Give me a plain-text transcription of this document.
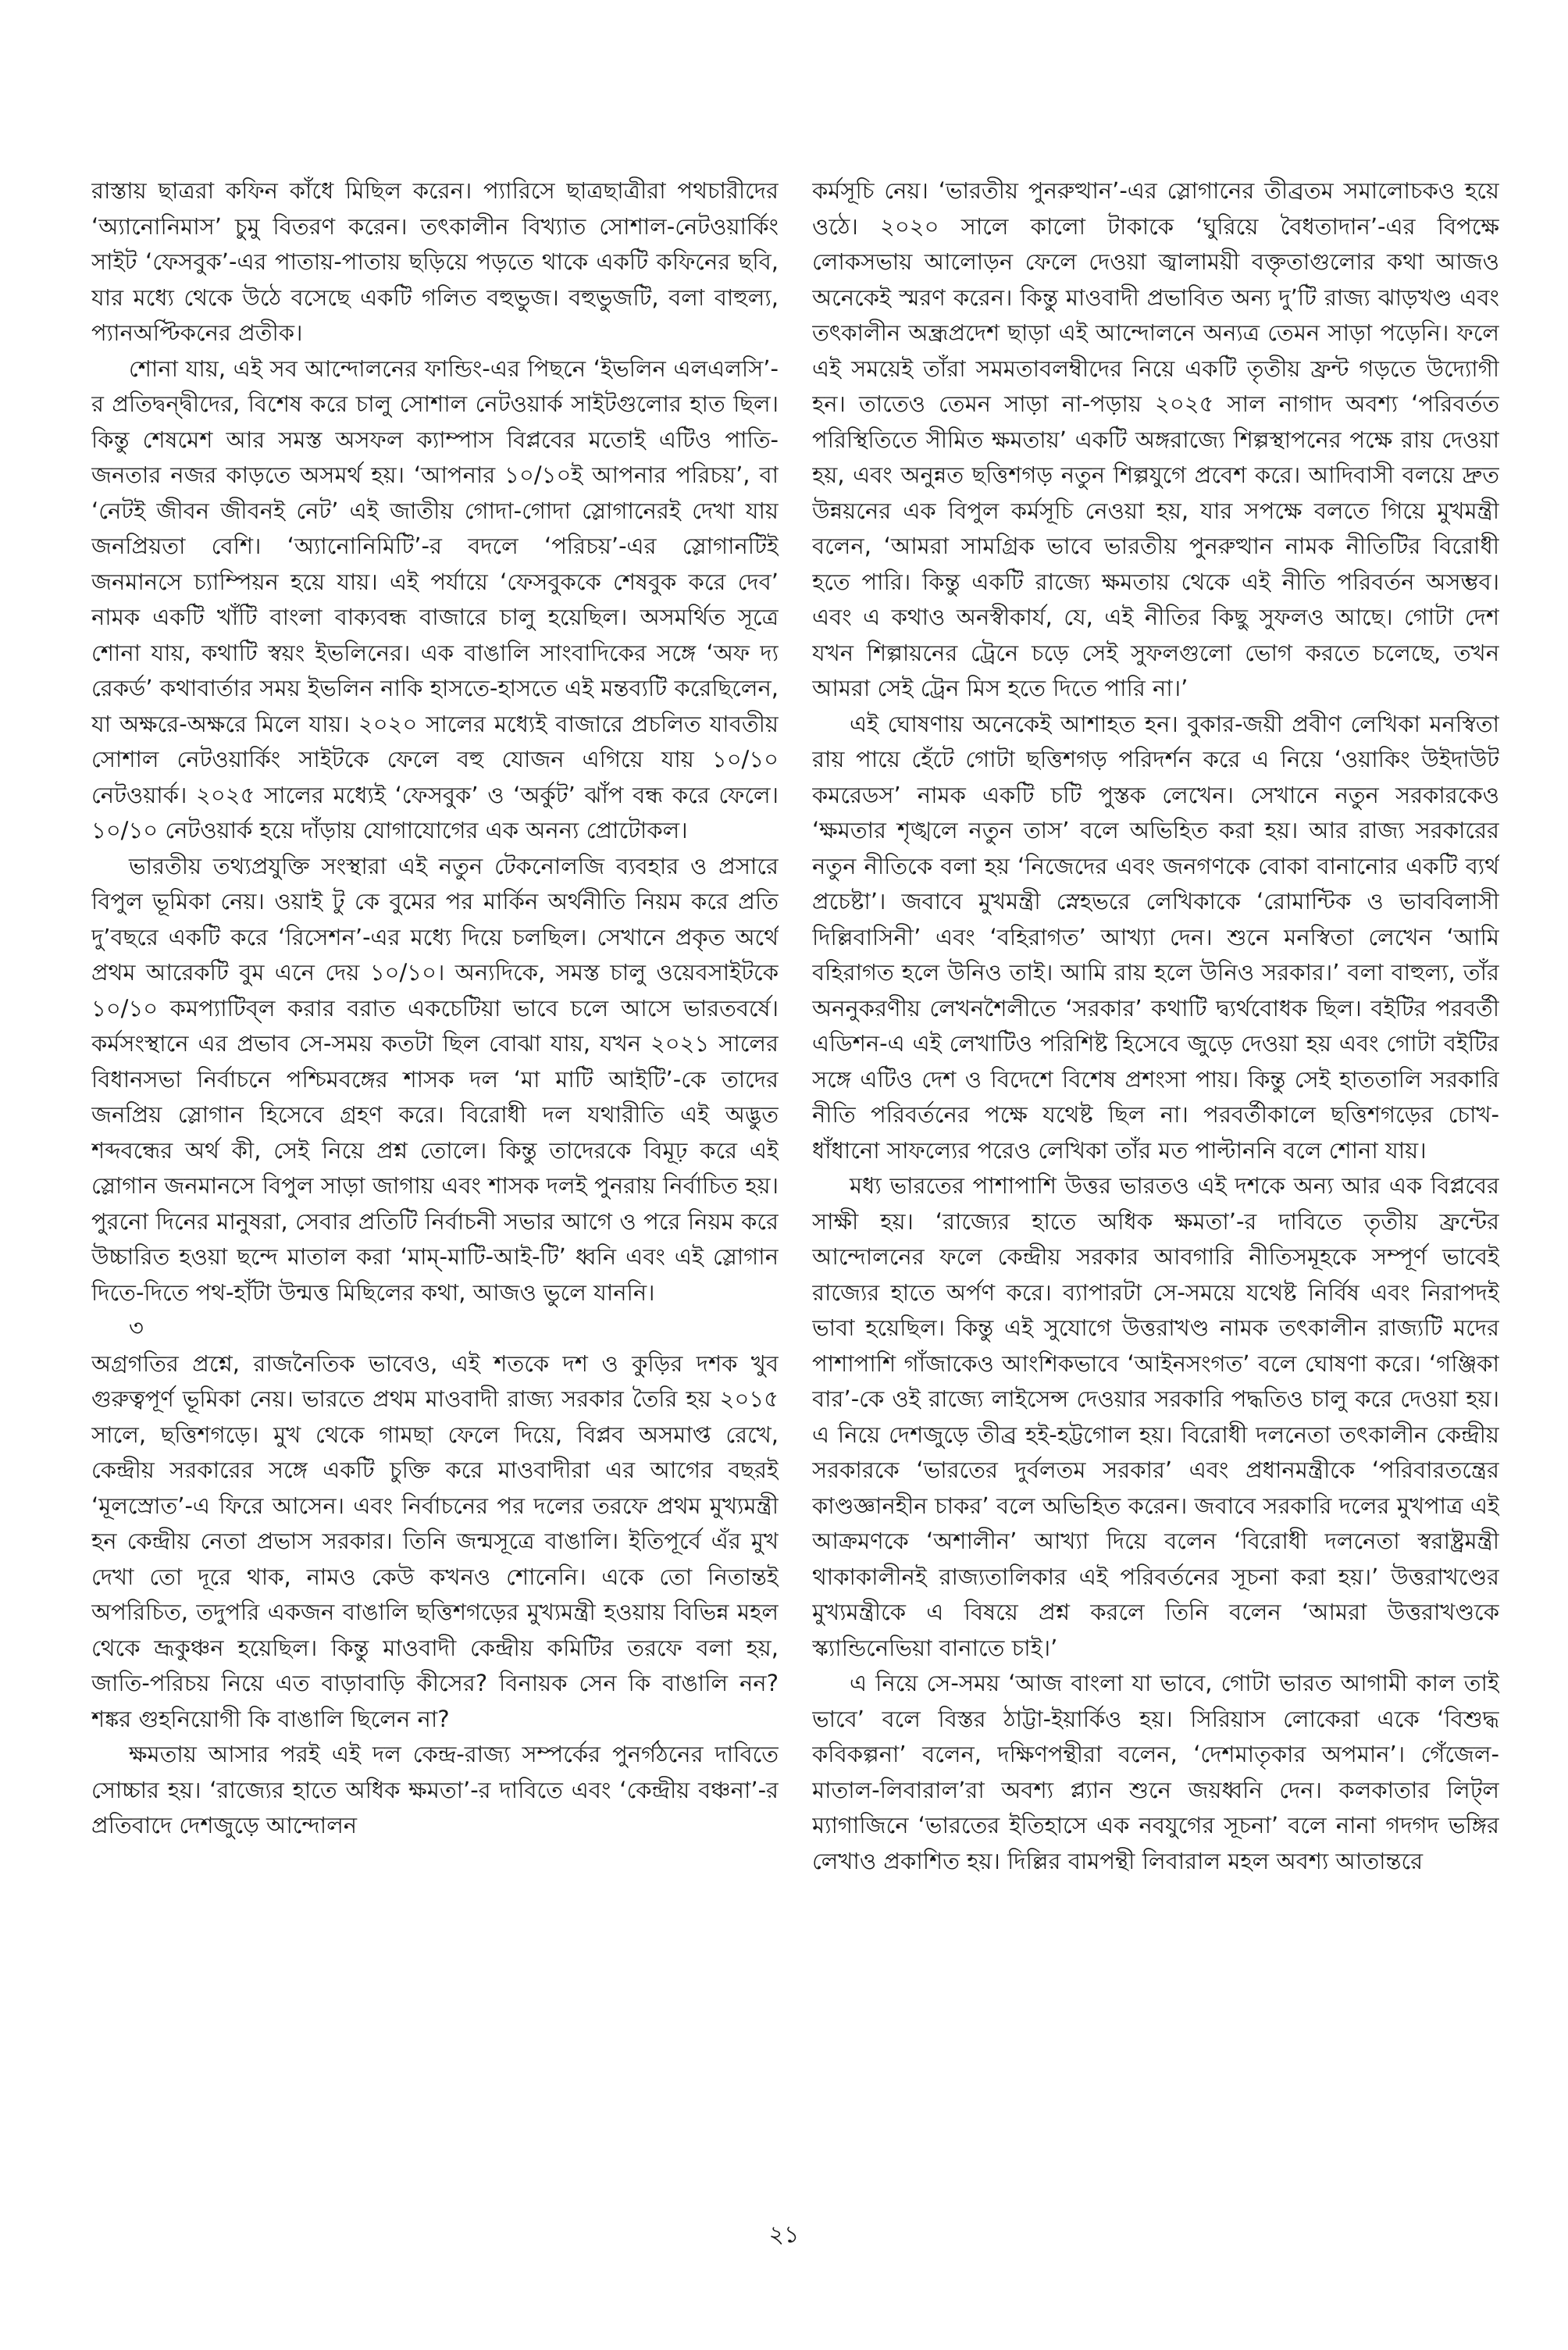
রাস্তায় ছাত্ররা কফিন কাঁধে মিছিল করেন। প্যারিসে ছাত্রছাত্রীরা পথচারীদের ‘অ্যানোনিমাস’ চুমু বিতরণ করেন। তৎকালীন বিখ্যাত সোশাল-নেটওয়ার্কিং সাইট ‘ফেসবুক’-এর পাতায়-পাতায় ছড়িয়ে পড়তে থাকে একটি কফিনের ছবি, যার মধ্যে থেকে উঠে বসেছে একটি গলিত বহুভুজ। বহুভুজটি, বলা বাহুল্য, প্যানঅপ্টিকনের প্রতীক।

শোনা যায়, এই সব আন্দোলনের ফান্ডিং-এর পিছনে ‘ইভলিন এলএলসি’-র প্রতিদ্বন্দ্বীদের, বিশেষ করে চালু সোশাল নেটওয়ার্ক সাইটগুলোর হাত ছিল। কিন্তু শেষমেশ আর সমস্ত অসফল ক্যাম্পাস বিপ্লবের মতোই এটিও পাতি-জনতার নজর কাড়তে অসমর্থ হয়। ‘আপনার ১০/১০ই আপনার পরিচয়’, বা ‘নেটই জীবন জীবনই নেট’ এই জাতীয় গোদা-গোদা স্লোগানেরই দেখা যায় জনপ্রিয়তা বেশি। ‘অ্যানোনিমিটি’-র বদলে ‘পরিচয়’-এর স্লোগানটিই জনমানসে চ্যাম্পিয়ন হয়ে যায়। এই পর্যায়ে ‘ফেসবুককে শেষবুক করে দেব’ নামক একটি খাঁটি বাংলা বাক্যবন্ধ বাজারে চালু হয়েছিল। অসমর্থিত সূত্রে শোনা যায়, কথাটি স্বয়ং ইভলিনের। এক বাঙালি সাংবাদিকের সঙ্গে ‘অফ দ্য রেকর্ড’ কথাবার্তার সময় ইভলিন নাকি হাসতে-হাসতে এই মন্তব্যটি করেছিলেন, যা অক্ষরে-অক্ষরে মিলে যায়। ২০২০ সালের মধ্যেই বাজারে প্রচলিত যাবতীয় সোশাল নেটওয়ার্কিং সাইটকে ফেলে বহু যোজন এগিয়ে যায় ১০/১০ নেটওয়ার্ক। ২০২৫ সালের মধ্যেই ‘ফেসবুক’ ও ‘অর্কুট’ ঝাঁপ বন্ধ করে ফেলে। ১০/১০ নেটওয়ার্ক হয়ে দাঁড়ায় যোগাযোগের এক অনন্য প্রোটোকল।

ভারতীয় তথ্যপ্রযুক্তি সংস্থারা এই নতুন টেকনোলজি ব্যবহার ও প্রসারে বিপুল ভূমিকা নেয়। ওয়াই টু কে বুমের পর মার্কিন অর্থনীতি নিয়ম করে প্রতি দু’বছরে একটি করে ‘রিসেশন’-এর মধ্যে দিয়ে চলছিল। সেখানে প্রকৃত অর্থে প্রথম আরেকটি বুম এনে দেয় ১০/১০। অন্যদিকে, সমস্ত চালু ওয়েবসাইটকে ১০/১০ কমপ্যাটিব্‌ল করার বরাত একচেটিয়া ভাবে চলে আসে ভারতবর্ষে। কর্মসংস্থানে এর প্রভাব সে-সময় কতটা ছিল বোঝা যায়, যখন ২০২১ সালের বিধানসভা নির্বাচনে পশ্চিমবঙ্গের শাসক দল ‘মা মাটি আইটি’-কে তাদের জনপ্রিয় স্লোগান হিসেবে গ্রহণ করে। বিরোধী দল যথারীতি এই অদ্ভুত শব্দবন্ধের অর্থ কী, সেই নিয়ে প্রশ্ন তোলে। কিন্তু তাদেরকে বিমূঢ় করে এই স্লোগান জনমানসে বিপুল সাড়া জাগায় এবং শাসক দলই পুনরায় নির্বাচিত হয়। পুরনো দিনের মানুষরা, সেবার প্রতিটি নির্বাচনী সভার আগে ও পরে নিয়ম করে উচ্চারিত হওয়া ছন্দে মাতাল করা ‘মাম্‌-মাটি-আই-টি’ ধ্বনি এবং এই স্লোগান দিতে-দিতে পথ-হাঁটা উন্মত্ত মিছিলের কথা, আজও ভুলে যাননি।

৩

অগ্রগতির প্রশ্নে, রাজনৈতিক ভাবেও, এই শতকে দশ ও কুড়ির দশক খুব গুরুত্বপূর্ণ ভূমিকা নেয়। ভারতে প্রথম মাওবাদী রাজ্য সরকার তৈরি হয় ২০১৫ সালে, ছত্তিশগড়ে। মুখ থেকে গামছা ফেলে দিয়ে, বিপ্লব অসমাপ্ত রেখে, কেন্দ্রীয় সরকারের সঙ্গে একটি চুক্তি করে মাওবাদীরা এর আগের বছরই ‘মূলস্রোত’-এ ফিরে আসেন। এবং নির্বাচনের পর দলের তরফে প্রথম মুখ্যমন্ত্রী হন কেন্দ্রীয় নেতা প্রভাস সরকার। তিনি জন্মসূত্রে বাঙালি। ইতিপূর্বে এঁর মুখ দেখা তো দূরে থাক, নামও কেউ কখনও শোনেনি। একে তো নিতান্তই অপরিচিত, তদুপরি একজন বাঙালি ছত্তিশগড়ের মুখ্যমন্ত্রী হওয়ায় বিভিন্ন মহল থেকে ভ্রূকুঞ্চন হয়েছিল। কিন্তু মাওবাদী কেন্দ্রীয় কমিটির তরফে বলা হয়, জাতি-পরিচয় নিয়ে এত বাড়াবাড়ি কীসের? বিনায়ক সেন কি বাঙালি নন? শঙ্কর গুহনিয়োগী কি বাঙালি ছিলেন না?

ক্ষমতায় আসার পরই এই দল কেন্দ্র-রাজ্য সম্পর্কের পুনর্গঠনের দাবিতে সোচ্চার হয়। ‘রাজ্যের হাতে অধিক ক্ষমতা’-র দাবিতে এবং ‘কেন্দ্রীয় বঞ্চনা’-র প্রতিবাদে দেশজুড়ে আন্দোলন

কর্মসূচি নেয়। ‘ভারতীয় পুনরুত্থান’-এর স্লোগানের তীব্রতম সমালোচকও হয়ে ওঠে। ২০২০ সালে কালো টাকাকে ‘ঘুরিয়ে বৈধতাদান’-এর বিপক্ষে লোকসভায় আলোড়ন ফেলে দেওয়া জ্বালাময়ী বক্তৃতাগুলোর কথা আজও অনেকেই স্মরণ করেন। কিন্তু মাওবাদী প্রভাবিত অন্য দু’টি রাজ্য ঝাড়খণ্ড এবং তৎকালীন অন্ধ্রপ্রদেশ ছাড়া এই আন্দোলনে অন্যত্র তেমন সাড়া পড়েনি। ফলে এই সময়েই তাঁরা সমমতাবলম্বীদের নিয়ে একটি তৃতীয় ফ্রন্ট গড়তে উদ্যোগী হন। তাতেও তেমন সাড়া না-পড়ায় ২০২৫ সাল নাগাদ অবশ্য ‘পরিবর্তত পরিস্থিতিতে সীমিত ক্ষমতায়’ একটি অঙ্গরাজ্যে শিল্পস্থাপনের পক্ষে রায় দেওয়া হয়, এবং অনুন্নত ছত্তিশগড় নতুন শিল্পযুগে প্রবেশ করে। আদিবাসী বলয়ে দ্রুত উন্নয়নের এক বিপুল কর্মসূচি নেওয়া হয়, যার সপক্ষে বলতে গিয়ে মুখমন্ত্রী বলেন, ‘আমরা সামগ্রিক ভাবে ভারতীয় পুনরুত্থান নামক নীতিটির বিরোধী হতে পারি। কিন্তু একটি রাজ্যে ক্ষমতায় থেকে এই নীতি পরিবর্তন অসম্ভব। এবং এ কথাও অনস্বীকার্য, যে, এই নীতির কিছু সুফলও আছে। গোটা দেশ যখন শিল্পায়নের ট্রেনে চড়ে সেই সুফলগুলো ভোগ করতে চলেছে, তখন আমরা সেই ট্রেন মিস হতে দিতে পারি না।’

এই ঘোষণায় অনেকেই আশাহত হন। বুকার-জয়ী প্রবীণ লেখিকা মনস্বিতা রায় পায়ে হেঁটে গোটা ছত্তিশগড় পরিদর্শন করে এ নিয়ে ‘ওয়াকিং উইদাউট কমরেডস’ নামক একটি চটি পুস্তক লেখেন। সেখানে নতুন সরকারকেও ‘ক্ষমতার শৃঙ্খলে নতুন তাস’ বলে অভিহিত করা হয়। আর রাজ্য সরকারের নতুন নীতিকে বলা হয় ‘নিজেদের এবং জনগণকে বোকা বানানোর একটি ব্যর্থ প্রচেষ্টা’। জবাবে মুখমন্ত্রী স্নেহভরে লেখিকাকে ‘রোমান্টিক ও ভাববিলাসী দিল্লিবাসিনী’ এবং ‘বহিরাগত’ আখ্যা দেন। শুনে মনস্বিতা লেখেন ‘আমি বহিরাগত হলে উনিও তাই। আমি রায় হলে উনিও সরকার।’ বলা বাহুল্য, তাঁর অননুকরণীয় লেখনশৈলীতে ‘সরকার’ কথাটি দ্ব্যর্থবোধক ছিল। বইটির পরবর্তী এডিশন-এ এই লেখাটিও পরিশিষ্ট হিসেবে জুড়ে দেওয়া হয় এবং গোটা বইটির সঙ্গে এটিও দেশ ও বিদেশে বিশেষ প্রশংসা পায়। কিন্তু সেই হাততালি সরকারি নীতি পরিবর্তনের পক্ষে যথেষ্ট ছিল না। পরবর্তীকালে ছত্তিশগড়ের চোখ-ধাঁধানো সাফল্যের পরেও লেখিকা তাঁর মত পাল্টাননি বলে শোনা যায়।

মধ্য ভারতের পাশাপাশি উত্তর ভারতও এই দশকে অন্য আর এক বিপ্লবের সাক্ষী হয়। ‘রাজ্যের হাতে অধিক ক্ষমতা’-র দাবিতে তৃতীয় ফ্রন্টের আন্দোলনের ফলে কেন্দ্রীয় সরকার আবগারি নীতিসমূহকে সম্পূর্ণ ভাবেই রাজ্যের হাতে অর্পণ করে। ব্যাপারটা সে-সময়ে যথেষ্ট নির্বিষ এবং নিরাপদই ভাবা হয়েছিল। কিন্তু এই সুযোগে উত্তরাখণ্ড নামক তৎকালীন রাজ্যটি মদের পাশাপাশি গাঁজাকেও আংশিকভাবে ‘আইনসংগত’ বলে ঘোষণা করে। ‘গঞ্জিকা বার’-কে ওই রাজ্যে লাইসেন্স দেওয়ার সরকারি পদ্ধতিও চালু করে দেওয়া হয়। এ নিয়ে দেশজুড়ে তীব্র হই-হট্টগোল হয়। বিরোধী দলনেতা তৎকালীন কেন্দ্রীয় সরকারকে ‘ভারতের দুর্বলতম সরকার’ এবং প্রধানমন্ত্রীকে ‘পরিবারতন্ত্রের কাণ্ডজ্ঞানহীন চাকর’ বলে অভিহিত করেন। জবাবে সরকারি দলের মুখপাত্র এই আক্রমণকে ‘অশালীন’ আখ্যা দিয়ে বলেন ‘বিরোধী দলনেতা স্বরাষ্ট্রমন্ত্রী থাকাকালীনই রাজ্যতালিকার এই পরিবর্তনের সূচনা করা হয়।’ উত্তরাখণ্ডের মুখ্যমন্ত্রীকে এ বিষয়ে প্রশ্ন করলে তিনি বলেন ‘আমরা উত্তরাখণ্ডকে স্ক্যান্ডিনেভিয়া বানাতে চাই।’

এ নিয়ে সে-সময় ‘আজ বাংলা যা ভাবে, গোটা ভারত আগামী কাল তাই ভাবে’ বলে বিস্তর ঠাট্টা-ইয়ার্কিও হয়। সিরিয়াস লোকেরা একে ‘বিশুদ্ধ কবিকল্পনা’ বলেন, দক্ষিণপন্থীরা বলেন, ‘দেশমাতৃকার অপমান’। গেঁজেল-মাতাল-লিবারাল’রা অবশ্য প্ল্যান শুনে জয়ধ্বনি দেন। কলকাতার লিট্‌ল ম্যাগাজিনে ‘ভারতের ইতিহাসে এক নবযুগের সূচনা’ বলে নানা গদগদ ভঙ্গির লেখাও প্রকাশিত হয়। দিল্লির বামপন্থী লিবারাল মহল অবশ্য আতান্তরে

২১
